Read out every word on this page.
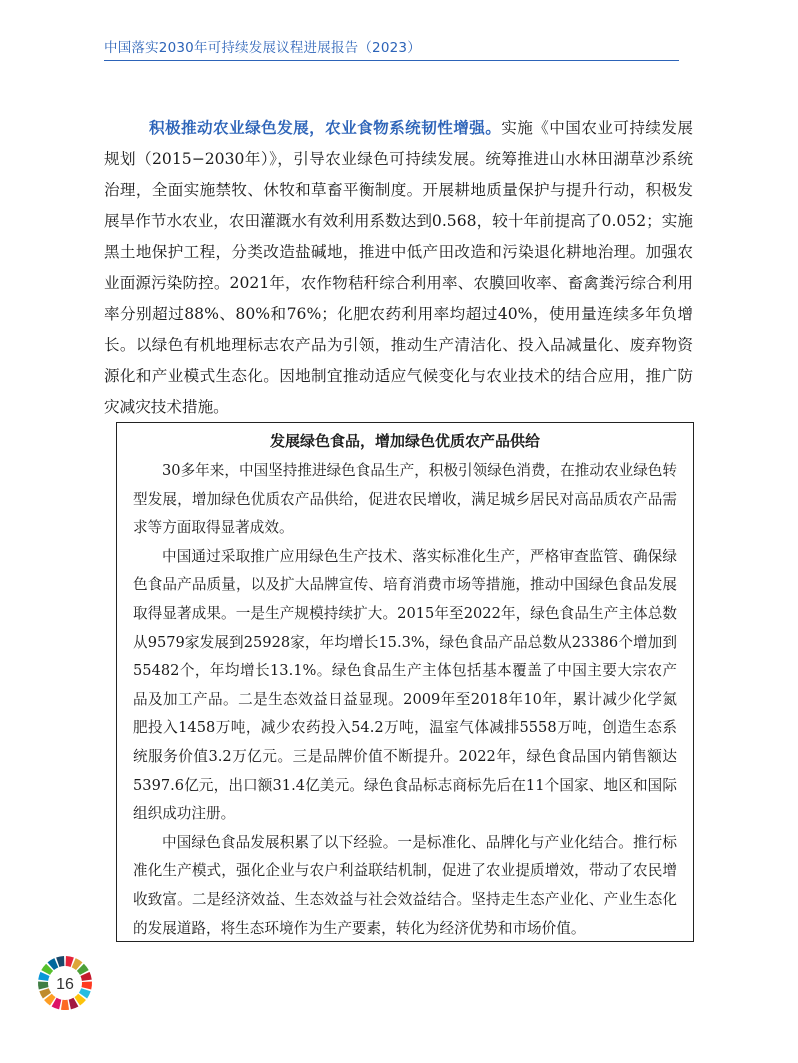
中国落实2030年可持续发展议程进展报告（2023）

积极推动农业绿色发展，农业食物系统韧性增强。实施《中国农业可持续发展规划（2015−2030年）》，引导农业绿色可持续发展。统筹推进山水林田湖草沙系统治理，全面实施禁牧、休牧和草畜平衡制度。开展耕地质量保护与提升行动，积极发展旱作节水农业，农田灌溉水有效利用系数达到0.568，较十年前提高了0.052；实施黑土地保护工程，分类改造盐碱地，推进中低产田改造和污染退化耕地治理。加强农业面源污染防控。2021年，农作物秸秆综合利用率、农膜回收率、畜禽粪污综合利用率分别超过88%、80%和76%；化肥农药利用率均超过40%，使用量连续多年负增长。以绿色有机地理标志农产品为引领，推动生产清洁化、投入品减量化、废弃物资源化和产业模式生态化。因地制宜推动适应气候变化与农业技术的结合应用，推广防灾减灾技术措施。

发展绿色食品，增加绿色优质农产品供给

30多年来，中国坚持推进绿色食品生产，积极引领绿色消费，在推动农业绿色转型发展，增加绿色优质农产品供给，促进农民增收，满足城乡居民对高品质农产品需求等方面取得显著成效。

中国通过采取推广应用绿色生产技术、落实标准化生产，严格审查监管、确保绿色食品产品质量，以及扩大品牌宣传、培育消费市场等措施，推动中国绿色食品发展取得显著成果。一是生产规模持续扩大。2015年至2022年，绿色食品生产主体总数从9579家发展到25928家，年均增长15.3%，绿色食品产品总数从23386个增加到55482个，年均增长13.1%。绿色食品生产主体包括基本覆盖了中国主要大宗农产品及加工产品。二是生态效益日益显现。2009年至2018年10年，累计减少化学氮肥投入1458万吨，减少农药投入54.2万吨，温室气体减排5558万吨，创造生态系统服务价值3.2万亿元。三是品牌价值不断提升。2022年，绿色食品国内销售额达5397.6亿元，出口额31.4亿美元。绿色食品标志商标先后在11个国家、地区和国际组织成功注册。

中国绿色食品发展积累了以下经验。一是标准化、品牌化与产业化结合。推行标准化生产模式，强化企业与农户利益联结机制，促进了农业提质增效，带动了农民增收致富。二是经济效益、生态效益与社会效益结合。坚持走生态产业化、产业生态化的发展道路，将生态环境作为生产要素，转化为经济优势和市场价值。

16
